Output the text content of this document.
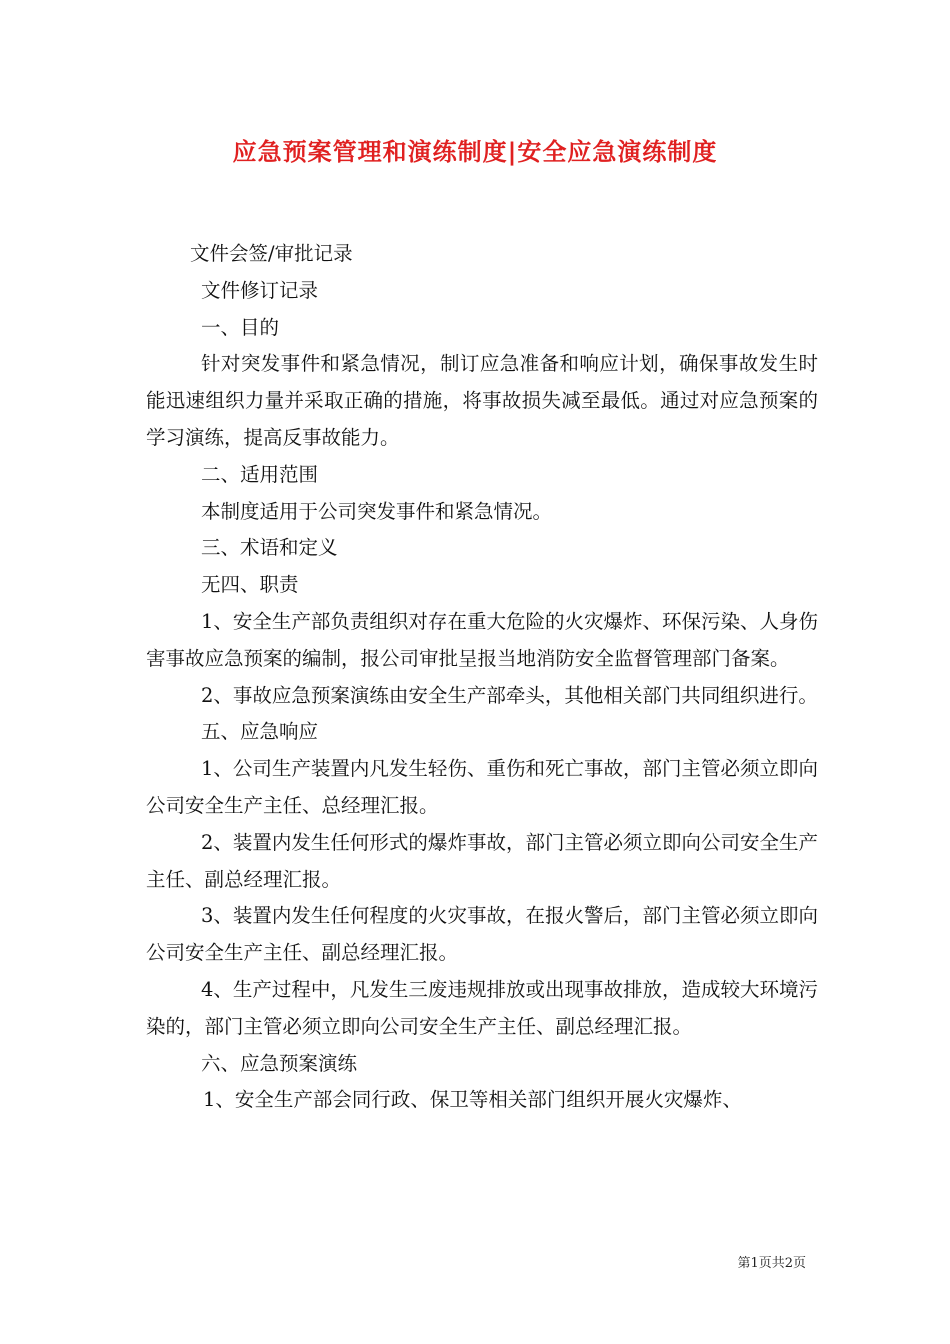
应急预案管理和演练制度|安全应急演练制度
文件会签/审批记录
文件修订记录
一、目的
针对突发事件和紧急情况，制订应急准备和响应计划，确保事故发生时能迅速组织力量并采取正确的措施，将事故损失减至最低。通过对应急预案的学习演练，提高反事故能力。
二、适用范围
本制度适用于公司突发事件和紧急情况。
三、术语和定义
无四、职责
1、安全生产部负责组织对存在重大危险的火灾爆炸、环保污染、人身伤害事故应急预案的编制，报公司审批呈报当地消防安全监督管理部门备案。
2、事故应急预案演练由安全生产部牵头，其他相关部门共同组织进行。
五、应急响应
1、公司生产装置内凡发生轻伤、重伤和死亡事故，部门主管必须立即向公司安全生产主任、总经理汇报。
2、装置内发生任何形式的爆炸事故，部门主管必须立即向公司安全生产主任、副总经理汇报。
3、装置内发生任何程度的火灾事故，在报火警后，部门主管必须立即向公司安全生产主任、副总经理汇报。
4、生产过程中，凡发生三废违规排放或出现事故排放，造成较大环境污染的，部门主管必须立即向公司安全生产主任、副总经理汇报。
六、应急预案演练
1、安全生产部会同行政、保卫等相关部门组织开展火灾爆炸、
第1页共2页
